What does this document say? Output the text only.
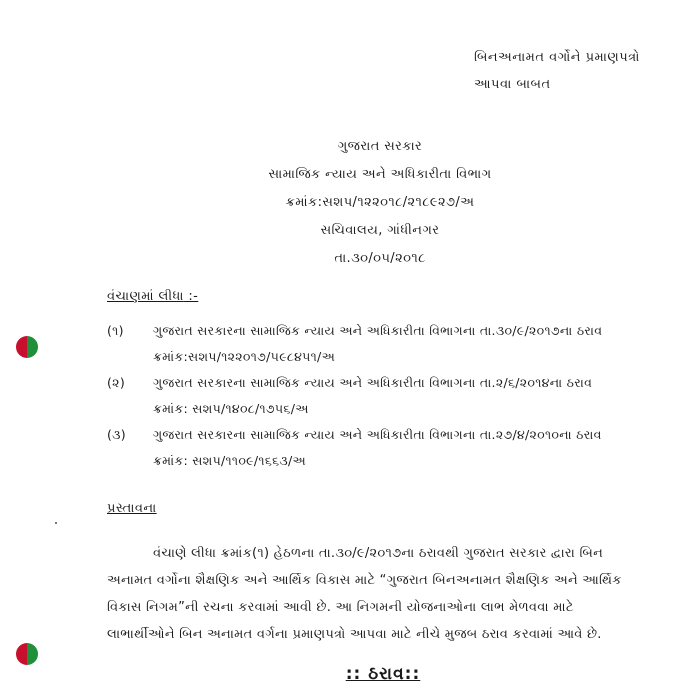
બિનઅનામત વર્ગોને પ્રમાણપત્રો
આપવા બાબત
ગુજરાત સરકાર
સામાજિક ન્યાય અને અધિકારીતા વિભાગ
ક્રમાંક:સશપ/૧૨૨૦૧૮/૨૧૮૯૨૭/અ
સચિવાલય, ગાંધીનગર
તા.૩૦/૦૫/૨૦૧૮
વંચાણમાં લીધા :-
(૧) ગુજરાત સરકારના સામાજિક ન્યાય અને અધિકારીતા વિભાગના તા.૩૦/૯/૨૦૧૭ના ઠરાવ
ક્રમાંક:સશપ/૧૨૨૦૧૭/૫૯૮૪૫૧/અ
(૨) ગુજરાત સરકારના સામાજિક ન્યાય અને અધિકારીતા વિભાગના તા.૨/૬/૨૦૧૪ના ઠરાવ
ક્રમાંક: સશપ/૧૪૦૮/૧૭૫૬/અ
(૩) ગુજરાત સરકારના સામાજિક ન્યાય અને અધિકારીતા વિભાગના તા.૨૭/૪/૨૦૧૦ના ઠરાવ
ક્રમાંક: સશપ/૧૧૦૯/૧૬૬૩/અ
પ્રસ્તાવના
વંચાણે લીધા ક્રમાંક(૧) હેઠળના તા.૩૦/૯/૨૦૧૭ના ઠરાવથી ગુજરાત સરકાર દ્વારા બિન
અનામત વર્ગોના શૈક્ષણિક અને આર્થિક વિકાસ માટે “ગુજરાત બિનઅનામત શૈક્ષણિક અને આર્થિક
વિકાસ નિગમ”ની રચના કરવામાં આવી છે. આ નિગમની યોજનાઓના લાભ મેળવવા માટે
લાભાર્થીઓને બિન અનામત વર્ગના પ્રમાણપત્રો આપવા માટે નીચે મુજબ ઠરાવ કરવામાં આવે છે.
:: ઠરાવ::
